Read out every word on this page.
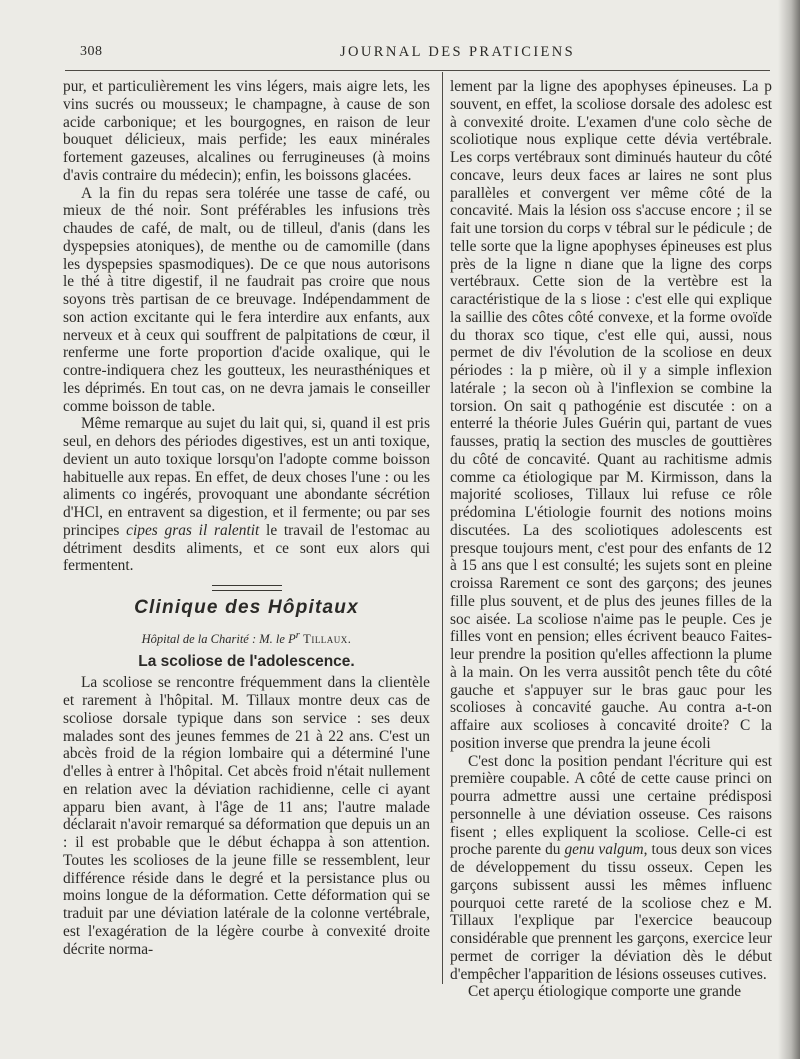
308	JOURNAL DES PRATICIENS

pur, et particulièrement les vins légers, mais aigre lets, les vins sucrés ou mousseux; le champagne, à cause de son acide carbonique; et les bourgognes, en raison de leur bouquet délicieux, mais perfide; les eaux minérales fortement gazeuses, alcalines ou ferrugineuses (à moins d'avis contraire du médecin); enfin, les boissons glacées.

A la fin du repas sera tolérée une tasse de café, ou mieux de thé noir. Sont préférables les infusions très chaudes de café, de malt, ou de tilleul, d'anis (dans les dyspepsies atoniques), de menthe ou de camomille (dans les dyspepsies spasmodiques). De ce que nous autorisons le thé à titre digestif, il ne faudrait pas croire que nous soyons très partisan de ce breuvage. Indépendamment de son action excitante qui le fera interdire aux enfants, aux nerveux et à ceux qui souffrent de palpitations de cœur, il renferme une forte proportion d'acide oxalique, qui le contre-indiquera chez les goutteux, les neurasthéniques et les déprimés. En tout cas, on ne devra jamais le conseiller comme boisson de table.

Même remarque au sujet du lait qui, si, quand il est pris seul, en dehors des périodes digestives, est un anti toxique, devient un auto toxique lorsqu'on l'adopte comme boisson habituelle aux repas. En effet, de deux choses l'une : ou les aliments co ingérés, provoquant une abondante sécrétion d'HCl, en entravent sa digestion, et il fermente; ou par ses principes cipes gras il ralentit le travail de l'estomac au détriment desdits aliments, et ce sont eux alors qui fermentent.

Clinique des Hôpitaux
Hôpital de la Charité : M. le $P^r$ Tillaux.
La scoliose de l'adolescence.

La scoliose se rencontre fréquemment dans la clientèle et rarement à l'hôpital. M. Tillaux montre deux cas de scoliose dorsale typique dans son service : ses deux malades sont des jeunes femmes de 21 à 22 ans. C'est un abcès froid de la région lombaire qui a déterminé l'une d'elles à entrer à l'hôpital. Cet abcès froid n'était nullement en relation avec la déviation rachidienne, celle ci ayant apparu bien avant, à l'âge de 11 ans; l'autre malade déclarait n'avoir remarqué sa déformation que depuis un an : il est probable que le début échappa à son attention. Toutes les scolioses de la jeune fille se ressemblent, leur différence réside dans le degré et la persistance plus ou moins longue de la déformation. Cette déformation qui se traduit par une déviation latérale de la colonne vertébrale, est l'exagération de la légère courbe à convexité droite décrite norma-

lement par la ligne des apophyses épineuses. La p souvent, en effet, la scoliose dorsale des adolesc est à convexité droite. L'examen d'une colo sèche de scoliotique nous explique cette dévia vertébrale. Les corps vertébraux sont diminués hauteur du côté concave, leurs deux faces ar laires ne sont plus parallèles et convergent ver même côté de la concavité. Mais la lésion oss s'accuse encore ; il se fait une torsion du corps v tébral sur le pédicule ; de telle sorte que la ligne apophyses épineuses est plus près de la ligne n diane que la ligne des corps vertébraux. Cette sion de la vertèbre est la caractéristique de la s liose : c'est elle qui explique la saillie des côtes côté convexe, et la forme ovoïde du thorax sco tique, c'est elle qui, aussi, nous permet de div l'évolution de la scoliose en deux périodes : la p mière, où il y a simple inflexion latérale ; la secon où à l'inflexion se combine la torsion. On sait q pathogénie est discutée : on a enterré la théorie Jules Guérin qui, partant de vues fausses, pratiq la section des muscles de gouttières du côté de concavité. Quant au rachitisme admis comme ca étiologique par M. Kirmisson, dans la majorité scolioses, Tillaux lui refuse ce rôle prédomina L'étiologie fournit des notions moins discutées. La des scoliotiques adolescents est presque toujours ment, c'est pour des enfants de 12 à 15 ans que l est consulté; les sujets sont en pleine croissa Rarement ce sont des garçons; des jeunes fille plus souvent, et de plus des jeunes filles de la soc aisée. La scoliose n'aime pas le peuple. Ces je filles vont en pension; elles écrivent beauco Faites-leur prendre la position qu'elles affectionn la plume à la main. On les verra aussitôt pench tête du côté gauche et s'appuyer sur le bras gauc pour les scolioses à concavité gauche. Au contra a-t-on affaire aux scolioses à concavité droite? C la position inverse que prendra la jeune écoli

C'est donc la position pendant l'écriture qui est première coupable. A côté de cette cause princi on pourra admettre aussi une certaine prédisposi personnelle à une déviation osseuse. Ces raisons fisent ; elles expliquent la scoliose. Celle-ci est proche parente du genu valgum, tous deux son vices de développement du tissu osseux. Cepen les garçons subissent aussi les mêmes influenc pourquoi cette rareté de la scoliose chez e M. Tillaux l'explique par l'exercice beaucoup considérable que prennent les garçons, exercice leur permet de corriger la déviation dès le début d'empêcher l'apparition de lésions osseuses cutives.

Cet aperçu étiologique comporte une grande
